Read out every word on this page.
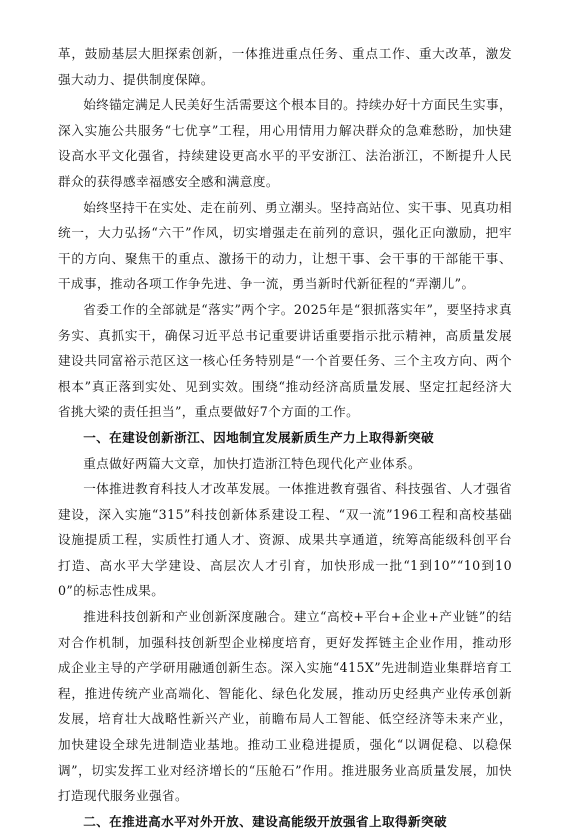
革，鼓励基层大胆探索创新，一体推进重点任务、重点工作、重大改革，激发强大动力、提供制度保障。

始终锚定满足人民美好生活需要这个根本目的。持续办好十方面民生实事，深入实施公共服务“七优享”工程，用心用情用力解决群众的急难愁盼，加快建设高水平文化强省，持续建设更高水平的平安浙江、法治浙江，不断提升人民群众的获得感幸福感安全感和满意度。

始终坚持干在实处、走在前列、勇立潮头。坚持高站位、实干事、见真功相统一，大力弘扬“六干”作风，切实增强走在前列的意识，强化正向激励，把牢干的方向、聚焦干的重点、激扬干的动力，让想干事、会干事的干部能干事、干成事，推动各项工作争先进、争一流，勇当新时代新征程的“弄潮儿”。

省委工作的全部就是“落实”两个字。2025年是“狠抓落实年”，要坚持求真务实、真抓实干，确保习近平总书记重要讲话重要指示批示精神，高质量发展建设共同富裕示范区这一核心任务特别是“一个首要任务、三个主攻方向、两个根本”真正落到实处、见到实效。围绕“推动经济高质量发展、坚定扛起经济大省挑大梁的责任担当”，重点要做好7个方面的工作。

一、在建设创新浙江、因地制宜发展新质生产力上取得新突破

重点做好两篇大文章，加快打造浙江特色现代化产业体系。

一体推进教育科技人才改革发展。一体推进教育强省、科技强省、人才强省建设，深入实施“315”科技创新体系建设工程、“双一流”196工程和高校基础设施提质工程，实质性打通人才、资源、成果共享通道，统筹高能级科创平台打造、高水平大学建设、高层次人才引育，加快形成一批“1到10”“10到100”的标志性成果。

推进科技创新和产业创新深度融合。建立“高校+平台+企业+产业链”的结对合作机制，加强科技创新型企业梯度培育，更好发挥链主企业作用，推动形成企业主导的产学研用融通创新生态。深入实施“415X”先进制造业集群培育工程，推进传统产业高端化、智能化、绿色化发展，推动历史经典产业传承创新发展，培育壮大战略性新兴产业，前瞻布局人工智能、低空经济等未来产业，加快建设全球先进制造业基地。推动工业稳进提质，强化“以调促稳、以稳保调”，切实发挥工业对经济增长的“压舱石”作用。推进服务业高质量发展，加快打造现代服务业强省。

二、在推进高水平对外开放、建设高能级开放强省上取得新突破
